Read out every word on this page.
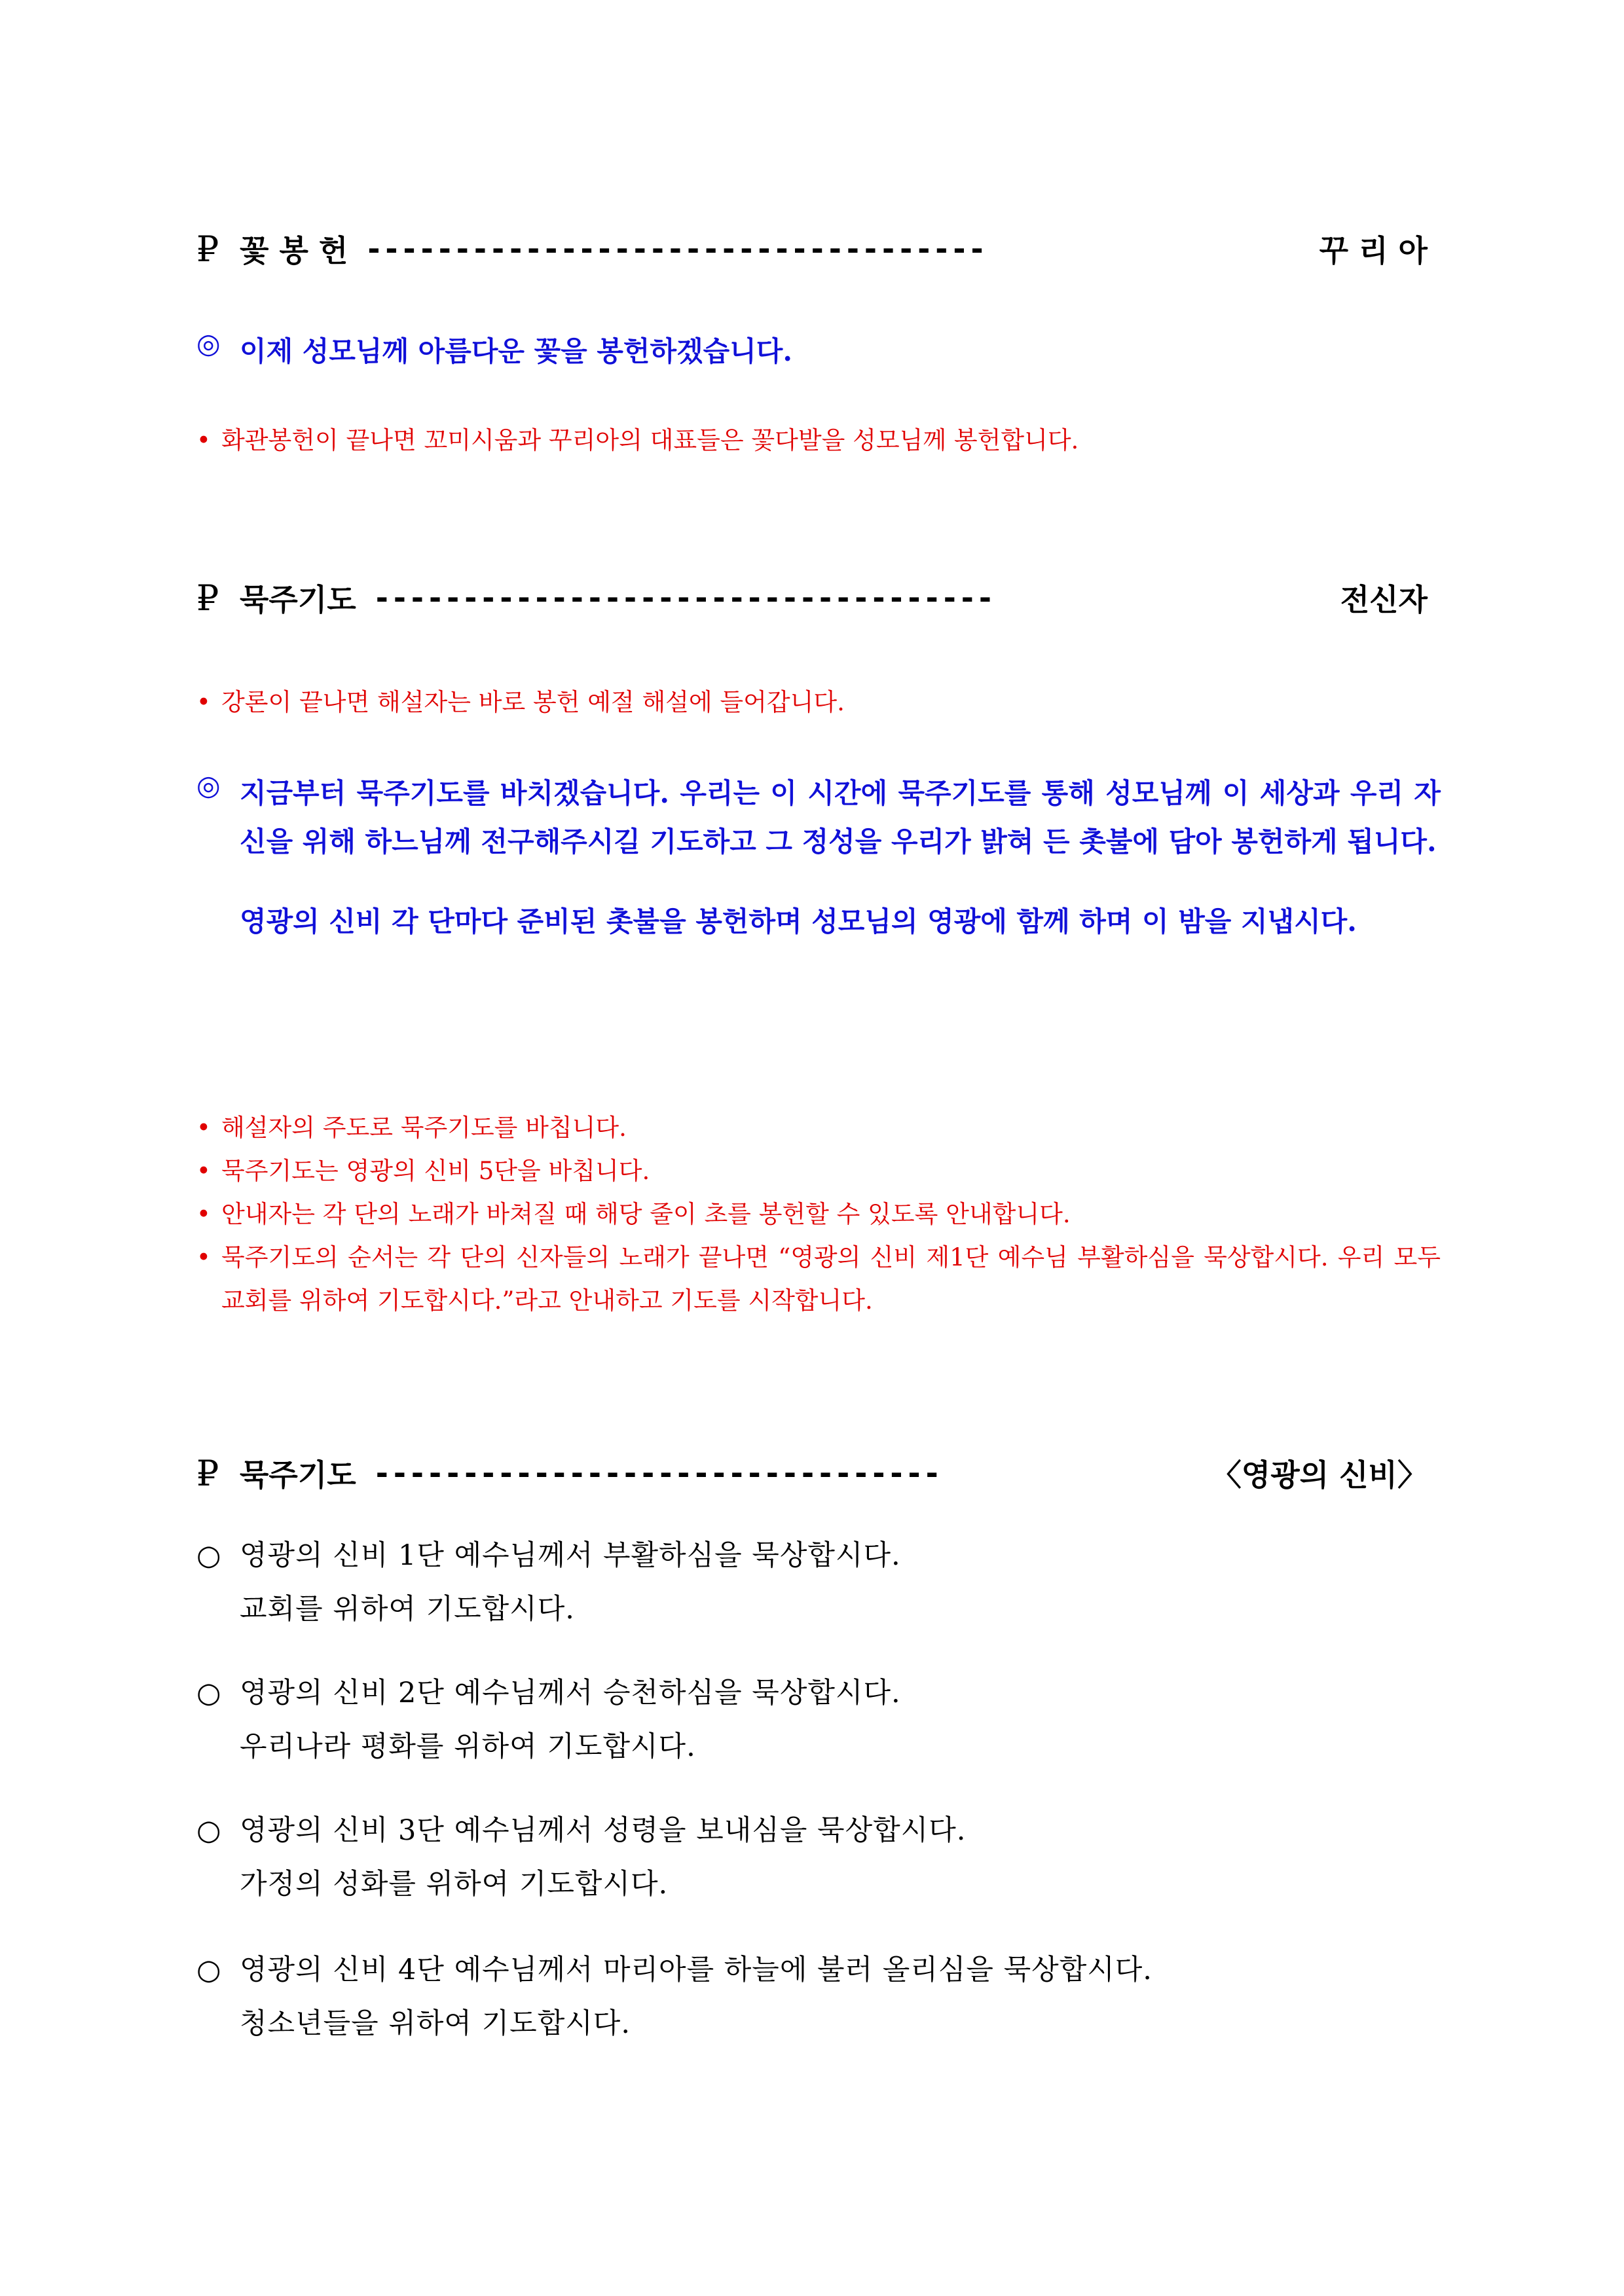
₽ 꽃 봉 헌 -----------------------------------	꾸 리 아
◎ 이제 성모님께 아름다운 꽃을 봉헌하겠습니다.
• 화관봉헌이 끝나면 꼬미시움과 꾸리아의 대표들은 꽃다발을 성모님께 봉헌합니다.
₽ 묵주기도 -----------------------------------	전신자
• 강론이 끝나면 해설자는 바로 봉헌 예절 해설에 들어갑니다.
◎ 지금부터 묵주기도를 바치겠습니다. 우리는 이 시간에 묵주기도를 통해 성모님께 이 세상과 우리 자신을 위해 하느님께 전구해주시길 기도하고 그 정성을 우리가 밝혀 든 촛불에 담아 봉헌하게 됩니다.
영광의 신비 각 단마다 준비된 촛불을 봉헌하며 성모님의 영광에 함께 하며 이 밤을 지냅시다.
• 해설자의 주도로 묵주기도를 바칩니다.
• 묵주기도는 영광의 신비 5단을 바칩니다.
• 안내자는 각 단의 노래가 바쳐질 때 해당 줄이 초를 봉헌할 수 있도록 안내합니다.
• 묵주기도의 순서는 각 단의 신자들의 노래가 끝나면 “영광의 신비 제1단 예수님 부활하심을 묵상합시다. 우리 모두 교회를 위하여 기도합시다.”라고 안내하고 기도를 시작합니다.
₽ 묵주기도 --------------------------------	〈영광의 신비〉
○ 영광의 신비 1단 예수님께서 부활하심을 묵상합시다.
교회를 위하여 기도합시다.
○ 영광의 신비 2단 예수님께서 승천하심을 묵상합시다.
우리나라 평화를 위하여 기도합시다.
○ 영광의 신비 3단 예수님께서 성령을 보내심을 묵상합시다.
가정의 성화를 위하여 기도합시다.
○ 영광의 신비 4단 예수님께서 마리아를 하늘에 불러 올리심을 묵상합시다.
청소년들을 위하여 기도합시다.
